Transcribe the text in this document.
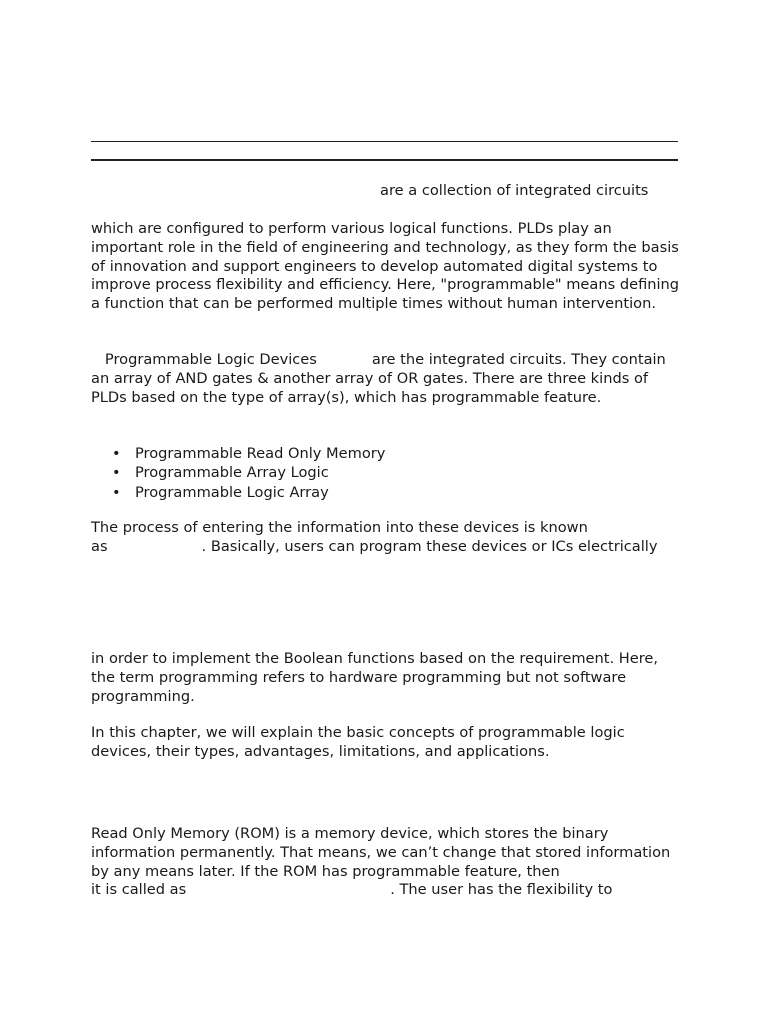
are a collection of integrated circuits

which are configured to perform various logical functions. PLDs play an important role in the field of engineering and technology, as they form the basis of innovation and support engineers to develop automated digital systems to improve process flexibility and efficiency. Here, "programmable" means defining a function that can be performed multiple times without human intervention.

Programmable Logic Devices	are the integrated circuits. They contain an array of AND gates & another array of OR gates. There are three kinds of PLDs based on the type of array(s), which has programmable feature.

• Programmable Read Only Memory
• Programmable Array Logic
• Programmable Logic Array

The process of entering the information into these devices is known
as	. Basically, users can program these devices or ICs electrically

in order to implement the Boolean functions based on the requirement. Here, the term programming refers to hardware programming but not software programming.

In this chapter, we will explain the basic concepts of programmable logic devices, their types, advantages, limitations, and applications.

Read Only Memory (ROM) is a memory device, which stores the binary information permanently. That means, we can’t change that stored information by any means later. If the ROM has programmable feature, then
it is called as	. The user has the flexibility to
